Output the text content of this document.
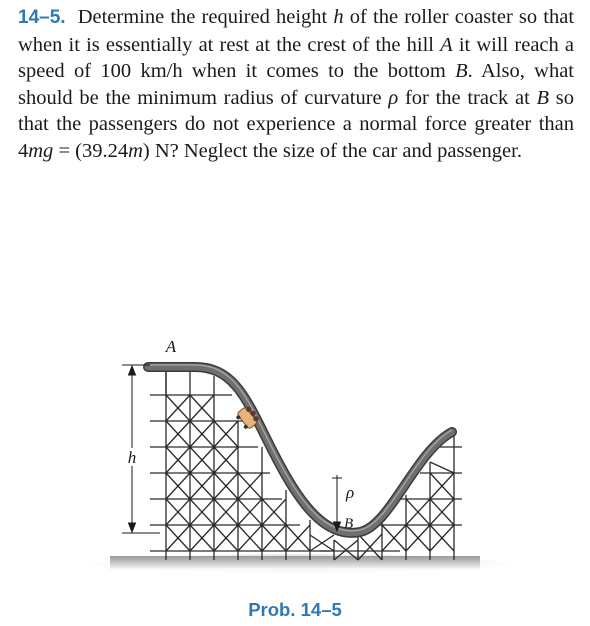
14–5. Determine the required height h of the roller coaster so that when it is essentially at rest at the crest of the hill A it will reach a speed of 100 km/h when it comes to the bottom B. Also, what should be the minimum radius of curvature ρ for the track at B so that the passengers do not experience a normal force greater than 4mg = (39.24m) N? Neglect the size of the car and passenger.
h
ρ
A
B
Prob. 14–5
